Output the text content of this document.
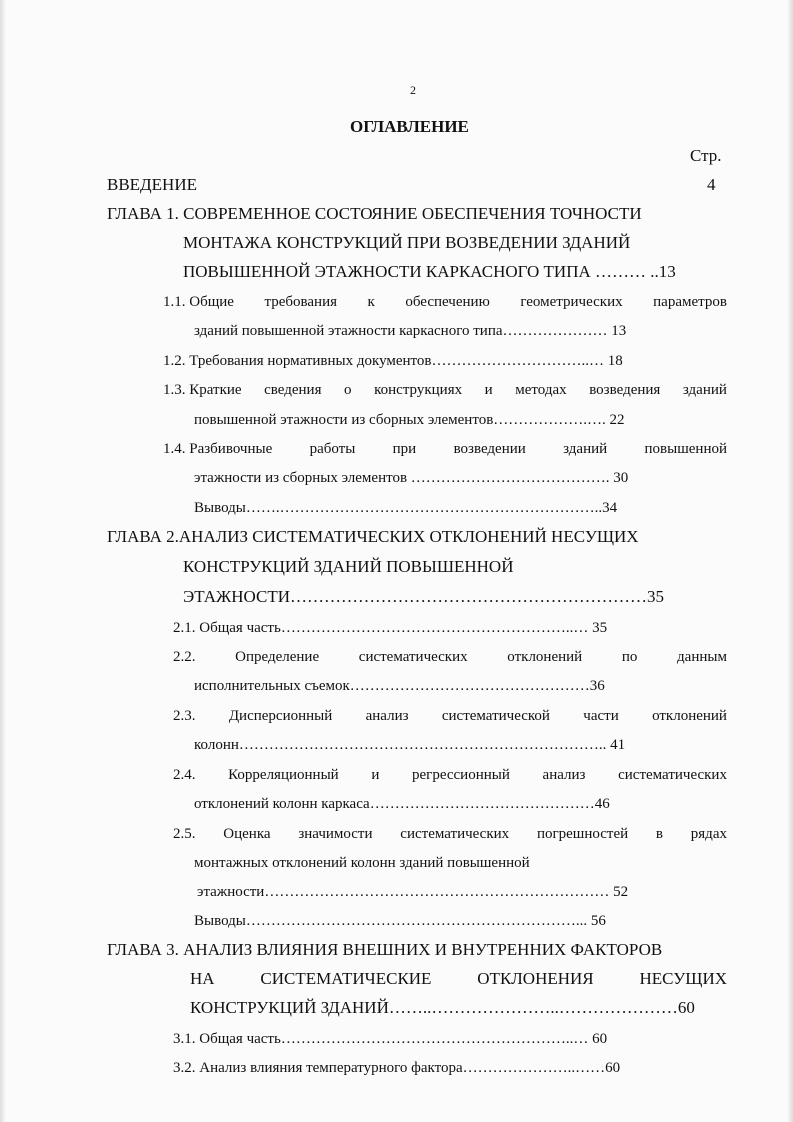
2
ОГЛАВЛЕНИЕ
Стр.
ВВЕДЕНИЕ	4
ГЛАВА 1. СОВРЕМЕННОЕ СОСТОЯНИЕ ОБЕСПЕЧЕНИЯ ТОЧНОСТИ
МОНТАЖА КОНСТРУКЦИЙ ПРИ ВОЗВЕДЕНИИ ЗДАНИЙ
ПОВЫШЕННОЙ ЭТАЖНОСТИ КАРКАСНОГО ТИПА ……… ..13
1.1. Общие требования к обеспечению геометрических параметров
зданий повышенной этажности каркасного типа………………… 13
1.2. Требования нормативных документов…………………………..… 18
1.3. Краткие сведения о конструкциях и методах возведения зданий
повышенной этажности из сборных элементов……………….…. 22
1.4. Разбивочные работы при возведении зданий повышенной
этажности из сборных элементов …………………………………. 30
Выводы…….………………………………………………………..34
ГЛАВА 2.АНАЛИЗ СИСТЕМАТИЧЕСКИХ ОТКЛОНЕНИЙ НЕСУЩИХ
КОНСТРУКЦИЙ ЗДАНИЙ ПОВЫШЕННОЙ
ЭТАЖНОСТИ………………………………………………………35
2.1. Общая часть…………………………………………………..… 35
2.2.	Определение	систематических	отклонений	по	данным
исполнительных съемок…………………………………………36
2.3. Дисперсионный анализ систематической части отклонений
колонн……………………………………………………………….. 41
2.4. Корреляционный и регрессионный анализ систематических
отклонений колонн каркаса………………………………………46
2.5. Оценка значимости систематических погрешностей в рядах
монтажных отклонений колонн зданий повышенной
этажности…………………………………………………………… 52
Выводы…………………………………………………………... 56
ГЛАВА 3. АНАЛИЗ ВЛИЯНИЯ ВНЕШНИХ И ВНУТРЕННИХ ФАКТОРОВ
НА	СИСТЕМАТИЧЕСКИЕ	ОТКЛОНЕНИЯ	НЕСУЩИХ
КОНСТРУКЦИЙ ЗДАНИЙ……..…………………..…………………60
3.1. Общая часть…………………………………………………..… 60
3.2. Анализ влияния температурного фактора…………………..……60
